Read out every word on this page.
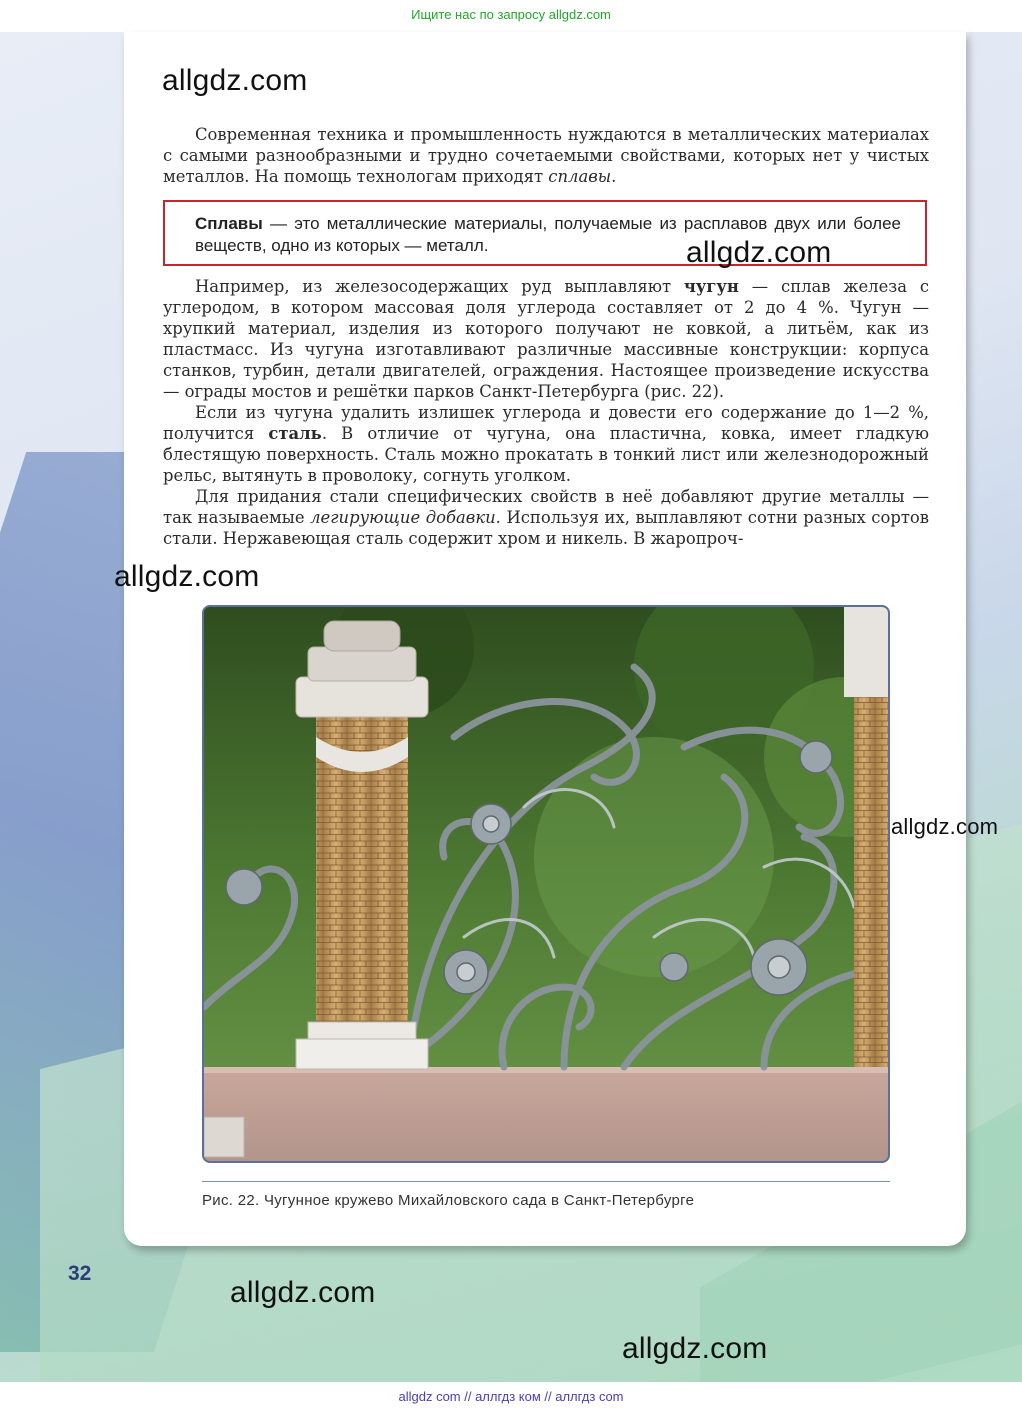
Ищите нас по запросу allgdz.com
allgdz.com

Современная техника и промышленность нуждаются в металлических материалах с самыми разнообразными и трудно сочетаемыми свойствами, которых нет у чистых металлов. На помощь технологам приходят сплавы.

Сплавы — это металлические материалы, получаемые из расплавов двух или более веществ, одно из которых — металл.	allgdz.com

Например, из железосодержащих руд выплавляют чугун — сплав железа с углеродом, в котором массовая доля углерода составляет от 2 до 4 %. Чугун — хрупкий материал, изделия из которого получают не ковкой, а литьём, как из пластмасс. Из чугуна изготавливают различные массивные конструкции: корпуса станков, турбин, детали двигателей, ограждения. Настоящее произведение искусства — ограды мостов и решётки парков Санкт-Петербурга (рис. 22).

Если из чугуна удалить излишек углерода и довести его содержание до 1—2 %, получится сталь. В отличие от чугуна, она пластична, ковка, имеет гладкую блестящую поверхность. Сталь можно прокатать в тонкий лист или железнодорожный рельс, вытянуть в проволоку, согнуть уголком.

Для придания стали специфических свойств в неё добавляют другие металлы — так называемые легирующие добавки. Используя их, выплавляют сотни разных сортов стали. Нержавеющая сталь содержит хром и никель. В жаропроч-

allgdz.com
allgdz.com
Рис. 22. Чугунное кружево Михайловского сада в Санкт-Петербурге
32
allgdz.com
allgdz.com
allgdz com // аллгдз ком // аллгдз com
